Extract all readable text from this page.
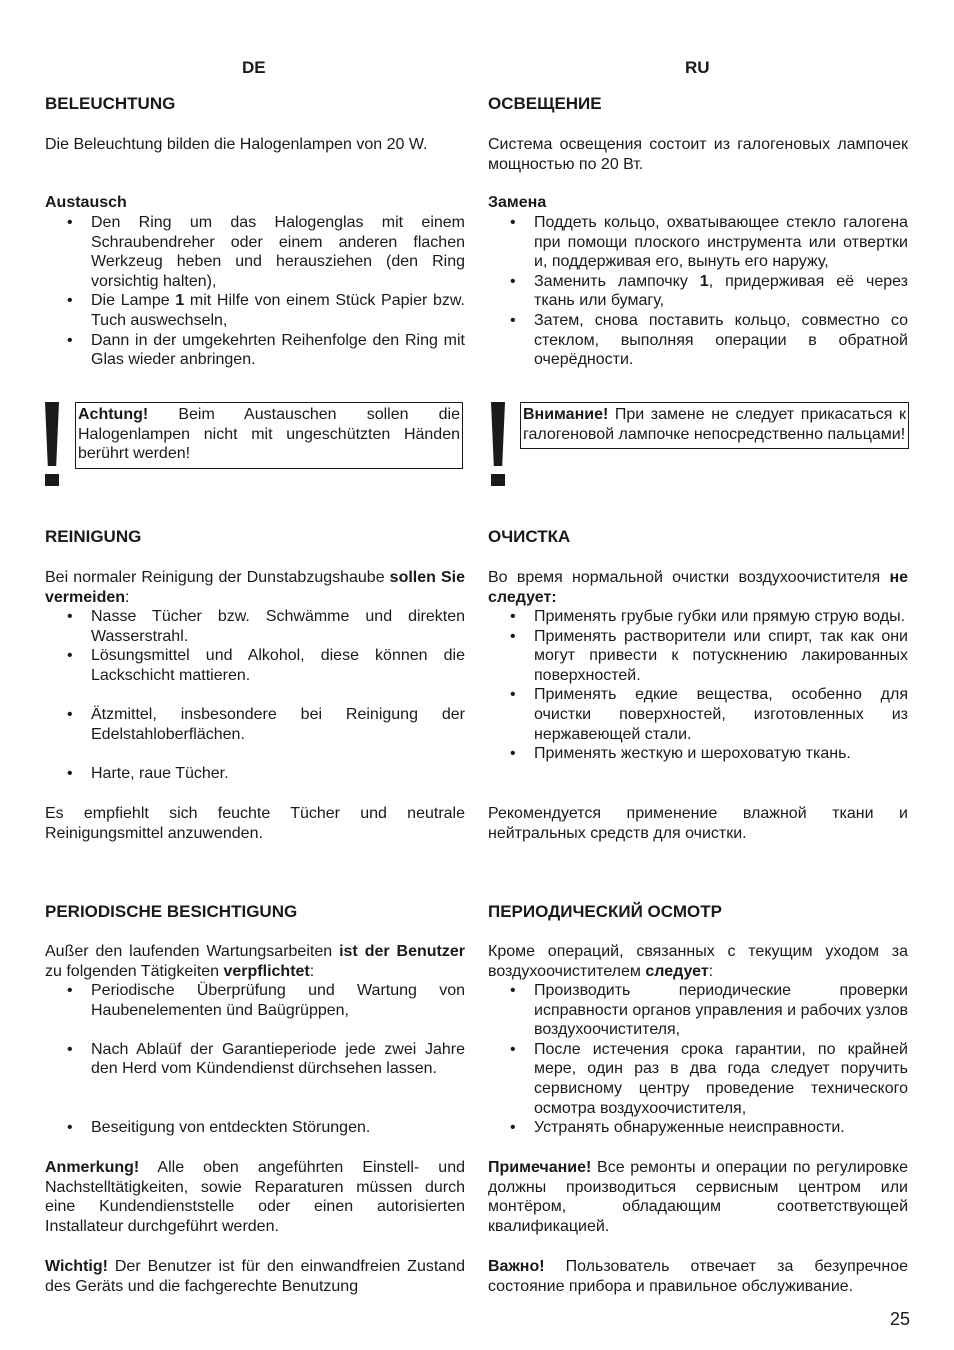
DE
BELEUCHTUNG
Die Beleuchtung bilden die Halogenlampen von 20 W.
Austausch
• Den Ring um das Halogenglas mit einem Schraubendreher oder einem anderen flachen Werkzeug heben und herausziehen (den Ring vorsichtig halten),
• Die Lampe 1 mit Hilfe von einem Stück Papier bzw. Tuch auswechseln,
• Dann in der umgekehrten Reihenfolge den Ring mit Glas wieder anbringen.
Achtung! Beim Austauschen sollen die Halogenlampen nicht mit ungeschützten Händen berührt werden!
REINIGUNG
Bei normaler Reinigung der Dunstabzugshaube sollen Sie vermeiden:
• Nasse Tücher bzw. Schwämme und direkten Wasserstrahl.
• Lösungsmittel und Alkohol, diese können die Lackschicht mattieren.
• Ätzmittel, insbesondere bei Reinigung der Edelstahloberflächen.
• Harte, raue Tücher.
Es empfiehlt sich feuchte Tücher und neutrale Reinigungsmittel anzuwenden.
PERIODISCHE BESICHTIGUNG
Außer den laufenden Wartungsarbeiten ist der Benutzer zu folgenden Tätigkeiten verpflichtet:
• Periodische Überprüfung und Wartung von Haubenelementen ünd Baügrüppen,
• Nach Ablaüf der Garantieperiode jede zwei Jahre den Herd vom Kündendienst dürchsehen lassen.
• Beseitigung von entdeckten Störungen.
Anmerkung! Alle oben angeführten Einstell- und Nachstelltätigkeiten, sowie Reparaturen müssen durch eine Kundendienststelle oder einen autorisierten Installateur durchgeführt werden.
Wichtig! Der Benutzer ist für den einwandfreien Zustand des Geräts und die fachgerechte Benutzung
RU
ОСВЕЩЕНИЕ
Система освещения состоит из галогеновых лампочек мощностью по 20 Вт.
Замена
• Поддеть кольцо, охватывающее стекло галогена при помощи плоского инструмента или отвертки и, поддерживая его, вынуть его наружу,
• Заменить лампочку 1, придерживая её через ткань или бумагу,
• Затем, снова поставить кольцо, совместно со стеклом, выполняя операции в обратной очерёдности.
Внимание! При замене не следует прикасаться к галогеновой лампочке непосредственно пальцами!
ОЧИСТКА
Во время нормальной очистки воздухоочистителя не следует:
• Применять грубые губки или прямую струю воды.
• Применять растворители или спирт, так как они могут привести к потускнению лакированных поверхностей.
• Применять едкие вещества, особенно для очистки поверхностей, изготовленных из нержавеющей стали.
• Применять жесткую и шероховатую ткань.
Рекомендуется применение влажной ткани и нейтральных средств для очистки.
ПЕРИОДИЧЕСКИЙ ОСМОТР
Кроме операций, связанных с текущим уходом за воздухоочистителем следует:
• Производить периодические проверки исправности органов управления и рабочих узлов воздухоочистителя,
• После истечения срока гарантии, по крайней мере, один раз в два года следует поручить сервисному центру проведение технического осмотра воздухоочистителя,
• Устранять обнаруженные неисправности.
Примечание! Все ремонты и операции по регулировке должны производиться сервисным центром или монтёром, обладающим соответствующей квалификацией.
Важно! Пользователь отвечает за безупречное состояние прибора и правильное обслуживание.
25
